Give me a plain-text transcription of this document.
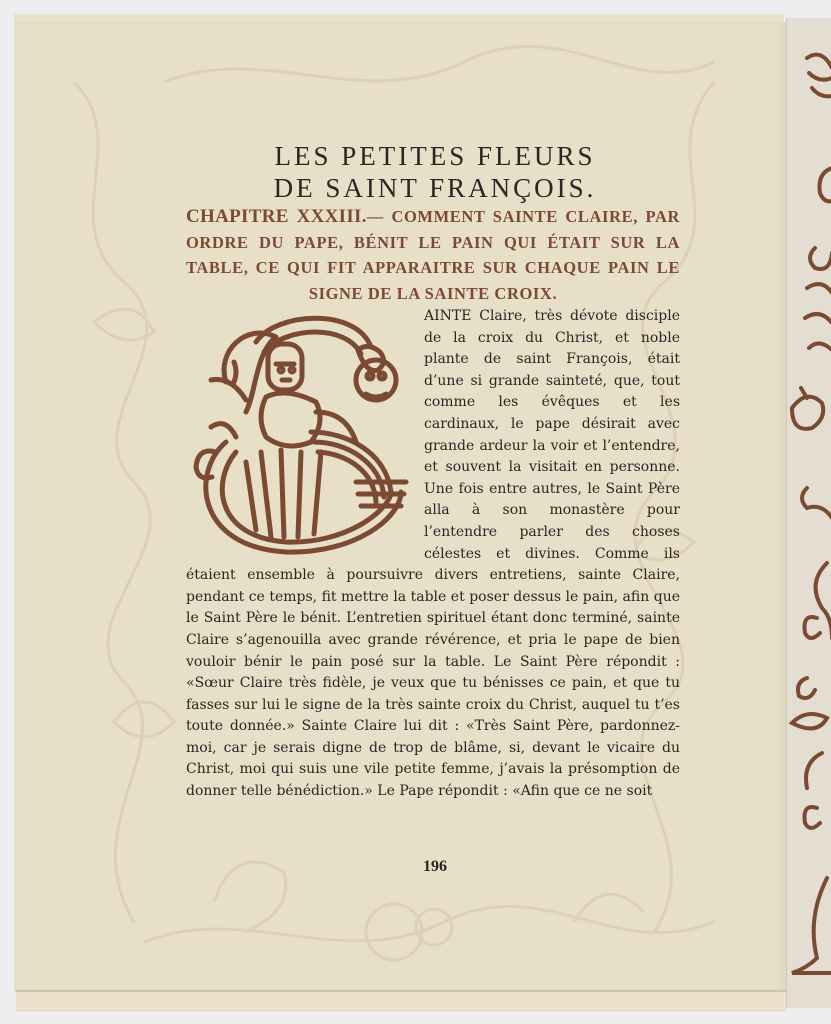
LES PETITES FLEURS
DE SAINT FRANÇOIS.
CHAPITRE XXXIII.— COMMENT SAINTE CLAIRE, PAR ORDRE DU PAPE, BÉNIT LE PAIN QUI ÉTAIT SUR LA TABLE, CE QUI FIT APPARAITRE SUR CHAQUE PAIN LE SIGNE DE LA SAINTE CROIX.
AINTE Claire, très dévote disciple de la croix du Christ, et noble plante de saint François, était d’une si grande sainteté, que, tout comme les évêques et les cardinaux, le pape désirait avec grande ardeur la voir et l’entendre, et souvent la visitait en personne. Une fois entre autres, le Saint Père alla à son monastère pour l’entendre parler des choses célestes et divines. Comme ils étaient ensemble à poursuivre divers entretiens, sainte Claire, pendant ce temps, fit mettre la table et poser dessus le pain, afin que le Saint Père le bénit. L’entretien spirituel étant donc terminé, sainte Claire s’agenouilla avec grande révérence, et pria le pape de bien vouloir bénir le pain posé sur la table. Le Saint Père répondit : «Sœur Claire très fidèle, je veux que tu bénisses ce pain, et que tu fasses sur lui le signe de la très sainte croix du Christ, auquel tu t’es toute donnée.» Sainte Claire lui dit : «Très Saint Père, pardonnez-moi, car je serais digne de trop de blâme, si, devant le vicaire du Christ, moi qui suis une vile petite femme, j’avais la présomption de donner telle bénédiction.» Le Pape répondit : «Afin que ce ne soit
196
